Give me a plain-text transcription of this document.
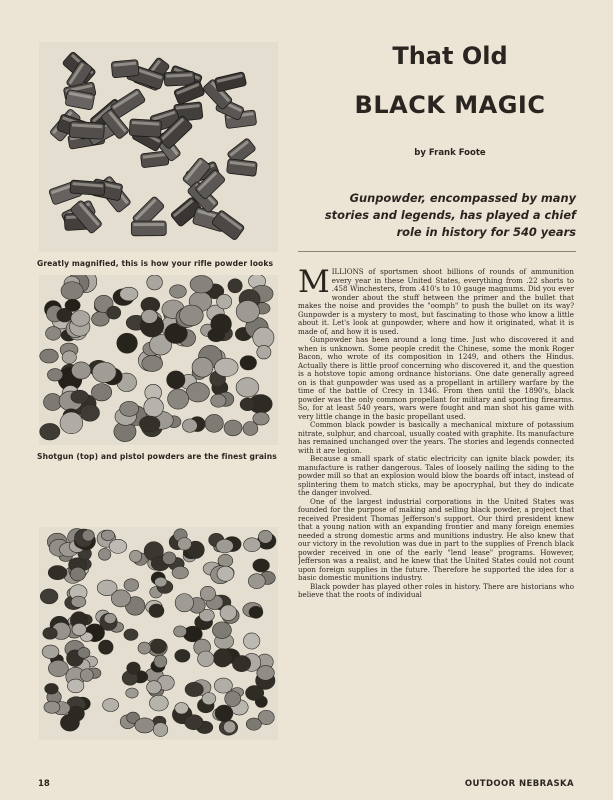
Greatly magnified, this is how your rifle powder looks
Shotgun (top) and pistol powders are the finest grains
That Old
BLACK MAGIC
by Frank Foote
Gunpowder, encompassed by many stories and legends, has played a chief role in history for 540 years

MILLIONS of sportsmen shoot billions of rounds of ammunition every year in these United States, everything from .22 shorts to .458 Winchesters, from .410's to 10 gauge magnums. Did you ever wonder about the stuff between the primer and the bullet that makes the noise and provides the "oomph" to push the bullet on its way? Gunpowder is a mystery to most, but fascinating to those who know a little about it. Let's look at gunpowder, where and how it originated, what it is made of, and how it is used.

Gunpowder has been around a long time. Just who discovered it and when is unknown. Some people credit the Chinese, some the monk Roger Bacon, who wrote of its composition in 1249, and others the Hindus. Actually there is little proof concerning who discovered it, and the question is a hotstove topic among ordnance historians. One date generally agreed on is that gunpowder was used as a propellant in artillery warfare by the time of the battle of Crecy in 1346. From then until the 1890's, black powder was the only common propellant for military and sporting firearms. So, for at least 540 years, wars were fought and man shot his game with very little change in the basic propellant used.

Common black powder is basically a mechanical mixture of potassium nitrate, sulphur, and charcoal, usually coated with graphite. Its manufacture has remained unchanged over the years. The stories and legends connected with it are legion.

Because a small spark of static electricity can ignite black powder, its manufacture is rather dangerous. Tales of loosely nailing the siding to the powder mill so that an explosion would blow the boards off intact, instead of splintering them to match sticks, may be apocryphal, but they do indicate the danger involved.

One of the largest industrial corporations in the United States was founded for the purpose of making and selling black powder, a project that received President Thomas Jefferson's support. Our third president knew that a young nation with an expanding frontier and many foreign enemies needed a strong domestic arms and munitions industry. He also knew that our victory in the revolution was due in part to the supplies of French black powder received in one of the early "lend lease" programs. However, Jefferson was a realist, and he knew that the United States could not count upon foreign supplies in the future. Therefore he supported the idea for a basic domestic munitions industry.

Black powder has played other roles in history. There are historians who believe that the roots of individual

18	OUTDOOR NEBRASKA
